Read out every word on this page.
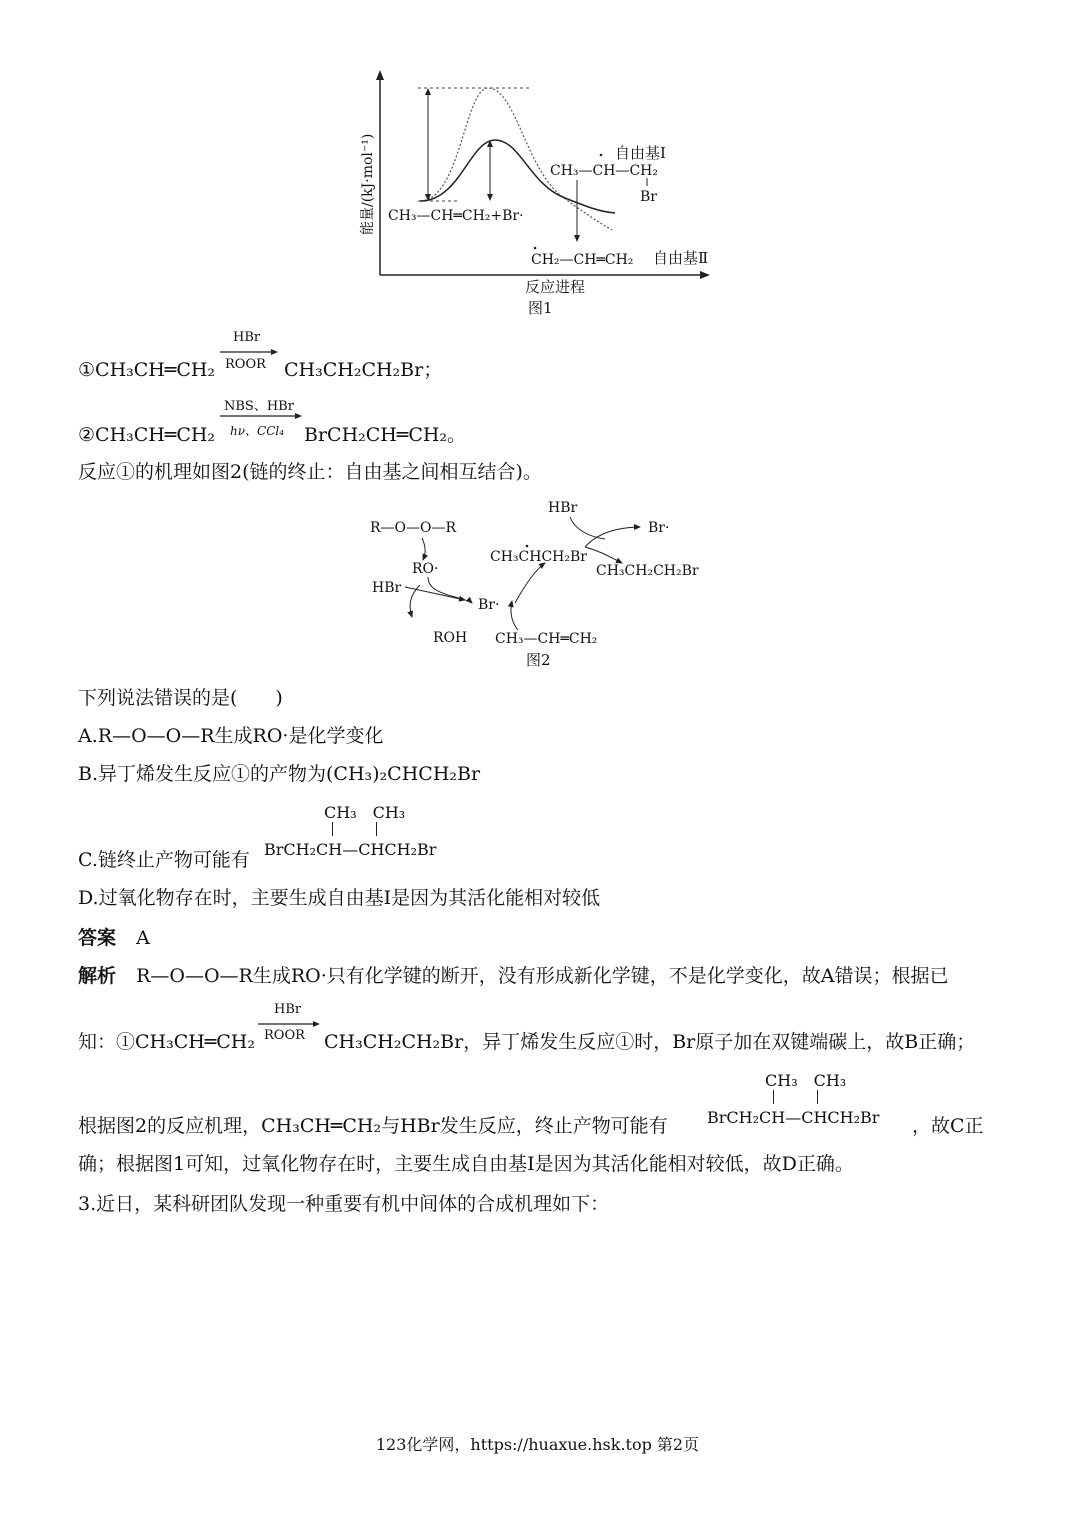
能量/(kJ·mol⁻¹)	自由基Ⅰ
CH₃—CH—CH₂
Br
CH₃—CH═CH₂+Br·
CH₂—CH═CH₂ 自由基Ⅱ
反应进程
图1
①CH₃CH═CH₂
HBr
ROOR CH₃CH₂CH₂Br；
②CH₃CH═CH₂
NBS、HBr
hν、CCl₄ BrCH₂CH═CH₂。
反应①的机理如图2(链的终止：自由基之间相互结合)。
R—O—O—R
RO·
HBr
ROH
Br·
CH₃—CH═CH₂
CH₃CHCH₂Br
HBr
Br·
CH₃CH₂CH₂Br
图2
下列说法错误的是(　　)
A.R—O—O—R生成RO·是化学变化
B.异丁烯发生反应①的产物为(CH₃)₂CHCH₂Br
C.链终止产物可能有
CH₃　CH₃
BrCH₂CH—CHCH₂Br
D.过氧化物存在时，主要生成自由基Ⅰ是因为其活化能相对较低
答案 A
解析 R—O—O—R生成RO·只有化学键的断开，没有形成新化学键，不是化学变化，故A错误；根据已
知：①CH₃CH═CH₂
HBr
ROOR CH₃CH₂CH₂Br，异丁烯发生反应①时，Br原子加在双键端碳上，故B正确；
根据图2的反应机理，CH₃CH═CH₂与HBr发生反应，终止产物可能有
CH₃　CH₃
BrCH₂CH—CHCH₂Br ，故C正
确；根据图1可知，过氧化物存在时，主要生成自由基Ⅰ是因为其活化能相对较低，故D正确。
3.近日，某科研团队发现一种重要有机中间体的合成机理如下：
123化学网，https://huaxue.hsk.top 第2页
